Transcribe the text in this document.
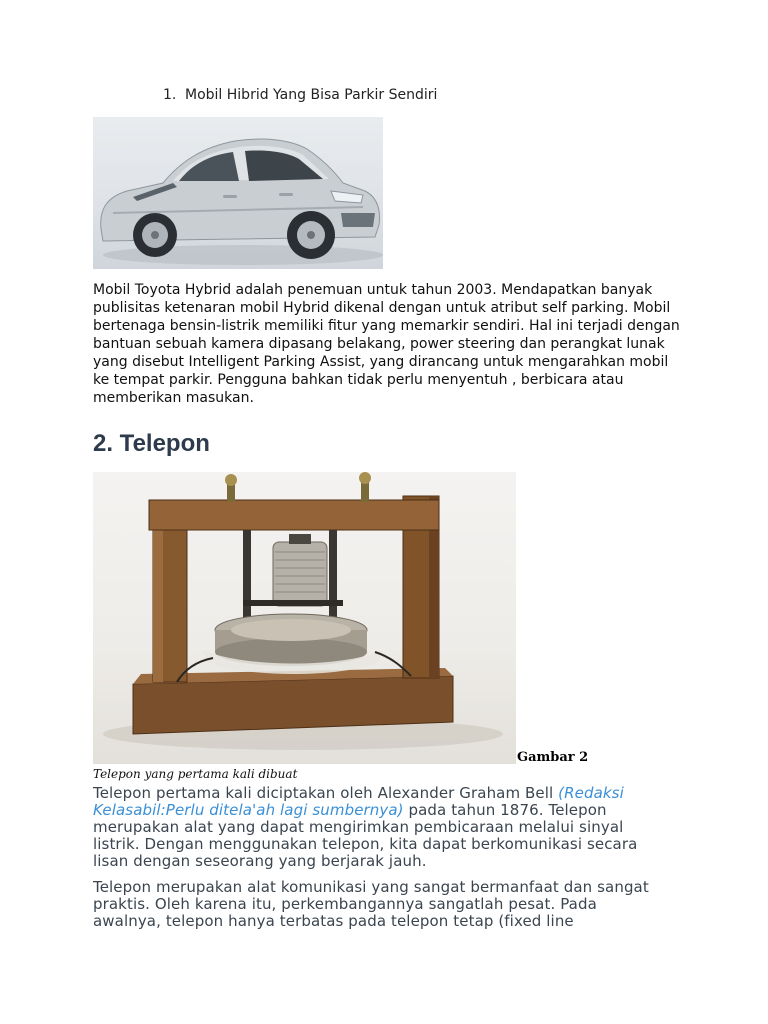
1. Mobil Hibrid Yang Bisa Parkir Sendiri
Mobil Toyota Hybrid adalah penemuan untuk tahun 2003. Mendapatkan banyak publisitas ketenaran mobil Hybrid dikenal dengan untuk atribut self parking. Mobil bertenaga bensin-listrik memiliki fitur yang memarkir sendiri. Hal ini terjadi dengan bantuan sebuah kamera dipasang belakang, power steering dan perangkat lunak yang disebut Intelligent Parking Assist, yang dirancang untuk mengarahkan mobil ke tempat parkir. Pengguna bahkan tidak perlu menyentuh , berbicara atau memberikan masukan.
2. Telepon
Gambar 2
Telepon yang pertama kali dibuat
Telepon pertama kali diciptakan oleh Alexander Graham Bell (Redaksi Kelasabil:Perlu ditela'ah lagi sumbernya) pada tahun 1876. Telepon merupakan alat yang dapat mengirimkan pembicaraan melalui sinyal listrik. Dengan menggunakan telepon, kita dapat berkomunikasi secara lisan dengan seseorang yang berjarak jauh.
Telepon merupakan alat komunikasi yang sangat bermanfaat dan sangat praktis. Oleh karena itu, perkembangannya sangatlah pesat. Pada awalnya, telepon hanya terbatas pada telepon tetap (fixed line
